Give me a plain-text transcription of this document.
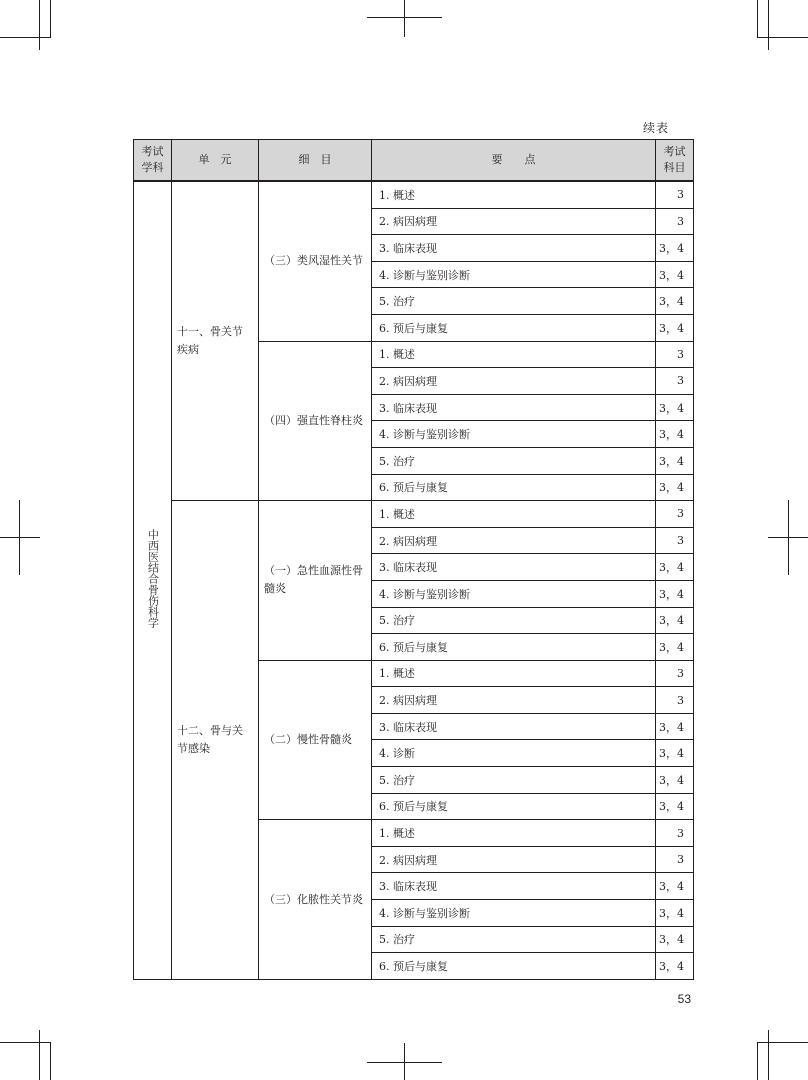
续表
考试学科	单　元	细　目	要　　点	考试科目
中西医结合骨伤科学	十一、骨关节疾病	（三）类风湿性关节	1. 概述	3
			2. 病因病理	3
			3. 临床表现	3，4
			4. 诊断与鉴别诊断	3，4
			5. 治疗	3，4
			6. 预后与康复	3，4
		（四）强直性脊柱炎	1. 概述	3
			2. 病因病理	3
			3. 临床表现	3，4
			4. 诊断与鉴别诊断	3，4
			5. 治疗	3，4
			6. 预后与康复	3，4
	十二、骨与关节感染	（一）急性血源性骨髓炎	1. 概述	3
			2. 病因病理	3
			3. 临床表现	3，4
			4. 诊断与鉴别诊断	3，4
			5. 治疗	3，4
			6. 预后与康复	3，4
		（二）慢性骨髓炎	1. 概述	3
			2. 病因病理	3
			3. 临床表现	3，4
			4. 诊断	3，4
			5. 治疗	3，4
			6. 预后与康复	3，4
		（三）化脓性关节炎	1. 概述	3
			2. 病因病理	3
			3. 临床表现	3，4
			4. 诊断与鉴别诊断	3，4
			5. 治疗	3，4
			6. 预后与康复	3，4
53
